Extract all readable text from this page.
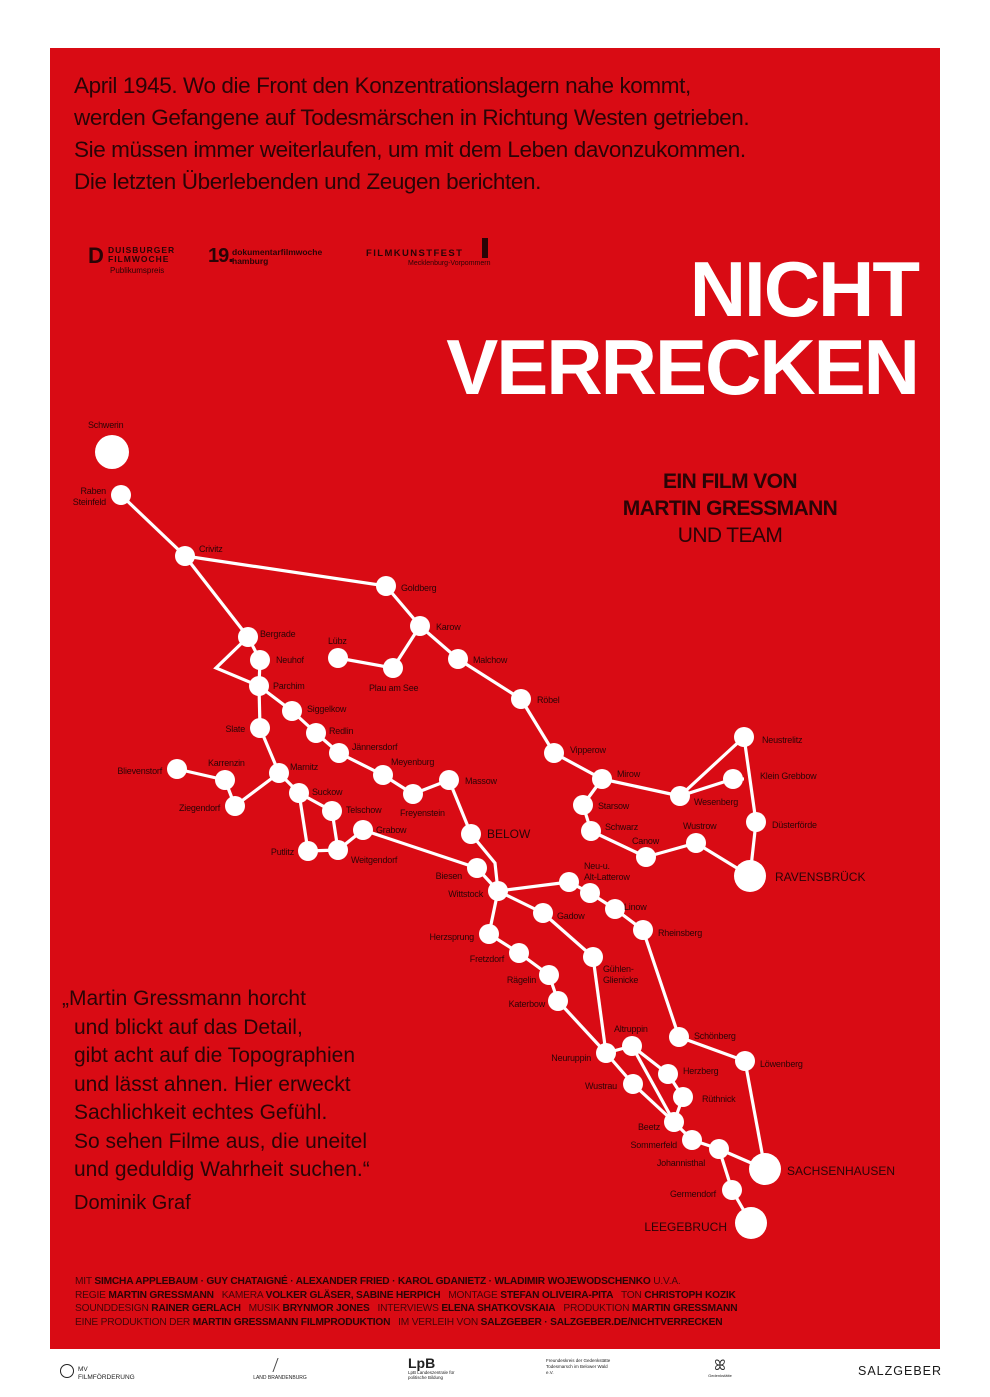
April 1945. Wo die Front den Konzentrationslagern nahe kommt,
werden Gefangene auf Todesmärschen in Richtung Westen getrieben.
Sie müssen immer weiterlaufen, um mit dem Leben davonzukommen.
Die letzten Überlebenden und Zeugen berichten.
D DUISBURGER
FILMWOCHE
Publikumspreis
19. dokumentarfilmwoche
hamburg
FILMKUNSTFEST
Mecklenburg-Vorpommern	NICHT
VERRECKEN
EIN FILM VON
MARTIN GRESSMANN
UND TEAM
Schwerin
Raben
Steinfeld
Crivitz
Goldberg
Karow
Malchow
Lübz
Plau am See
Röbel
Vipperow
Mirow
Wesenberg
Neustrelitz
Klein Grebbow
Düsterförde
RAVENSBRÜCK
Starsow
Schwarz
Canow
Wustrow
Bergrade
Neuhof
Parchim
Siggelkow
Redlin
Jännersdorf
Meyenburg
Freyenstein
Massow
BELOW
Slate
Marnitz
Suckow
Telschow
Grabow
Putlitz
Weitgendorf
Blievenstorf
Karrenzin
Ziegendorf
Biesen
Wittstock
Neu-u.
Alt-Latterow
Linow
Rheinsberg
Gadow
Herzsprung
Fretzdorf
Gühlen-
Glienicke
Rägelin
Katerbow
Schönberg
Löwenberg
Altruppin
Neuruppin
Herzberg
Wustrau
Rüthnick
Beetz
Sommerfeld
Johannisthal
SACHSENHAUSEN
Germendorf
LEEGEBRUCH
„Martin Gressmann horcht
und blickt auf das Detail,
gibt acht auf die Topographien
und lässt ahnen. Hier erweckt
Sachlichkeit echtes Gefühl.
So sehen Filme aus, die uneitel
und geduldig Wahrheit suchen.“
Dominik Graf
MIT SIMCHA APPLEBAUM · GUY CHATAIGNÉ · ALEXANDER FRIED · KAROL GDANIETZ · WLADIMIR WOJEWODSCHENKO U.V.A.
REGIE MARTIN GRESSMANN   KAMERA VOLKER GLÄSER, SABINE HERPICH   MONTAGE STEFAN OLIVEIRA-PITA   TON CHRISTOPH KOZIK
SOUNDDESIGN RAINER GERLACH   MUSIK BRYNMOR JONES   INTERVIEWS ELENA SHATKOVSKAIA   PRODUKTION MARTIN GRESSMANN
EINE PRODUKTION DER MARTIN GRESSMANN FILMPRODUKTION   IM VERLEIH VON SALZGEBER · SALZGEBER.DE/NICHTVERRECKEN
MV FILMFÖRDERUNG	LAND BRANDENBURG
LpB
LpB Landeszentrale für politische Bildung
Freundeskreis der Gedenkstätte Todesmarsch im Belower Wald e.V.	ꕤ
Gedenkstätte	SALZGEBER
